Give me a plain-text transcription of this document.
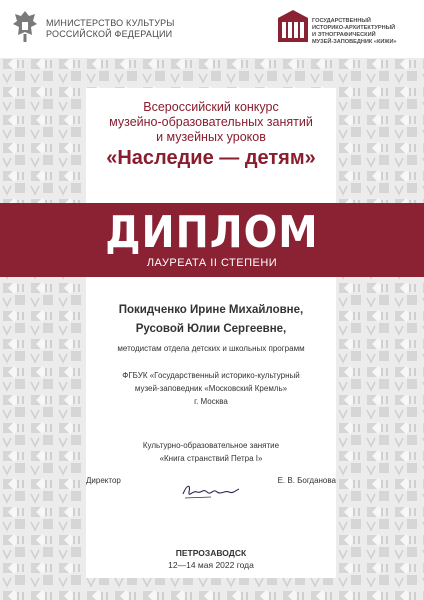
МИНИСТЕРСТВО КУЛЬТУРЫ
РОССИЙСКОЙ ФЕДЕРАЦИИ
ГОСУДАРСТВЕННЫЙ
ИСТОРИКО-АРХИТЕКТУРНЫЙ
И ЭТНОГРАФИЧЕСКИЙ
МУЗЕЙ-ЗАПОВЕДНИК «КИЖИ»
Всероссийский конкурс
музейно-образовательных занятий
и музейных уроков
«Наследие — детям»
ДИПЛОМ
ЛАУРЕАТА II СТЕПЕНИ
Покидченко Ирине Михайловне,
Русовой Юлии Сергеевне,
методистам отдела детских и школьных программ
ФГБУК «Государственный историко-культурный
музей-заповедник «Московский Кремль»
г. Москва
Культурно-образовательное занятие
«Книга странствий Петра I»
Директор	Е. В. Богданова
ПЕТРОЗАВОДСК
12—14 мая 2022 года
